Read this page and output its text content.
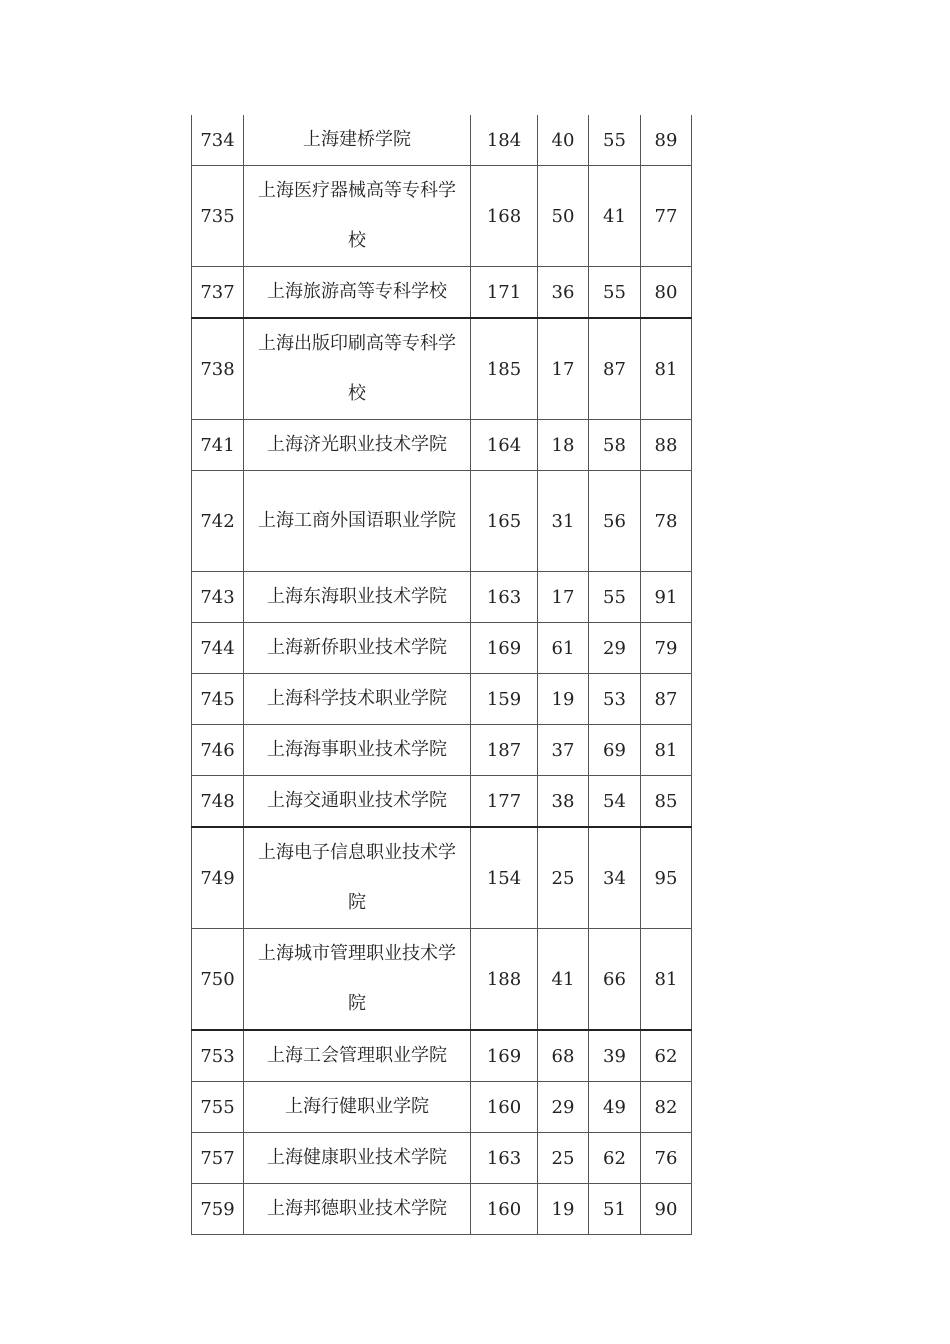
734	上海建桥学院	184	40	55	89
735	上海医疗器械高等专科学校	168	50	41	77
737	上海旅游高等专科学校	171	36	55	80
738	上海出版印刷高等专科学校	185	17	87	81
741	上海济光职业技术学院	164	18	58	88
742	上海工商外国语职业学院	165	31	56	78
743	上海东海职业技术学院	163	17	55	91
744	上海新侨职业技术学院	169	61	29	79
745	上海科学技术职业学院	159	19	53	87
746	上海海事职业技术学院	187	37	69	81
748	上海交通职业技术学院	177	38	54	85
749	上海电子信息职业技术学院	154	25	34	95
750	上海城市管理职业技术学院	188	41	66	81
753	上海工会管理职业学院	169	68	39	62
755	上海行健职业学院	160	29	49	82
757	上海健康职业技术学院	163	25	62	76
759	上海邦德职业技术学院	160	19	51	90
